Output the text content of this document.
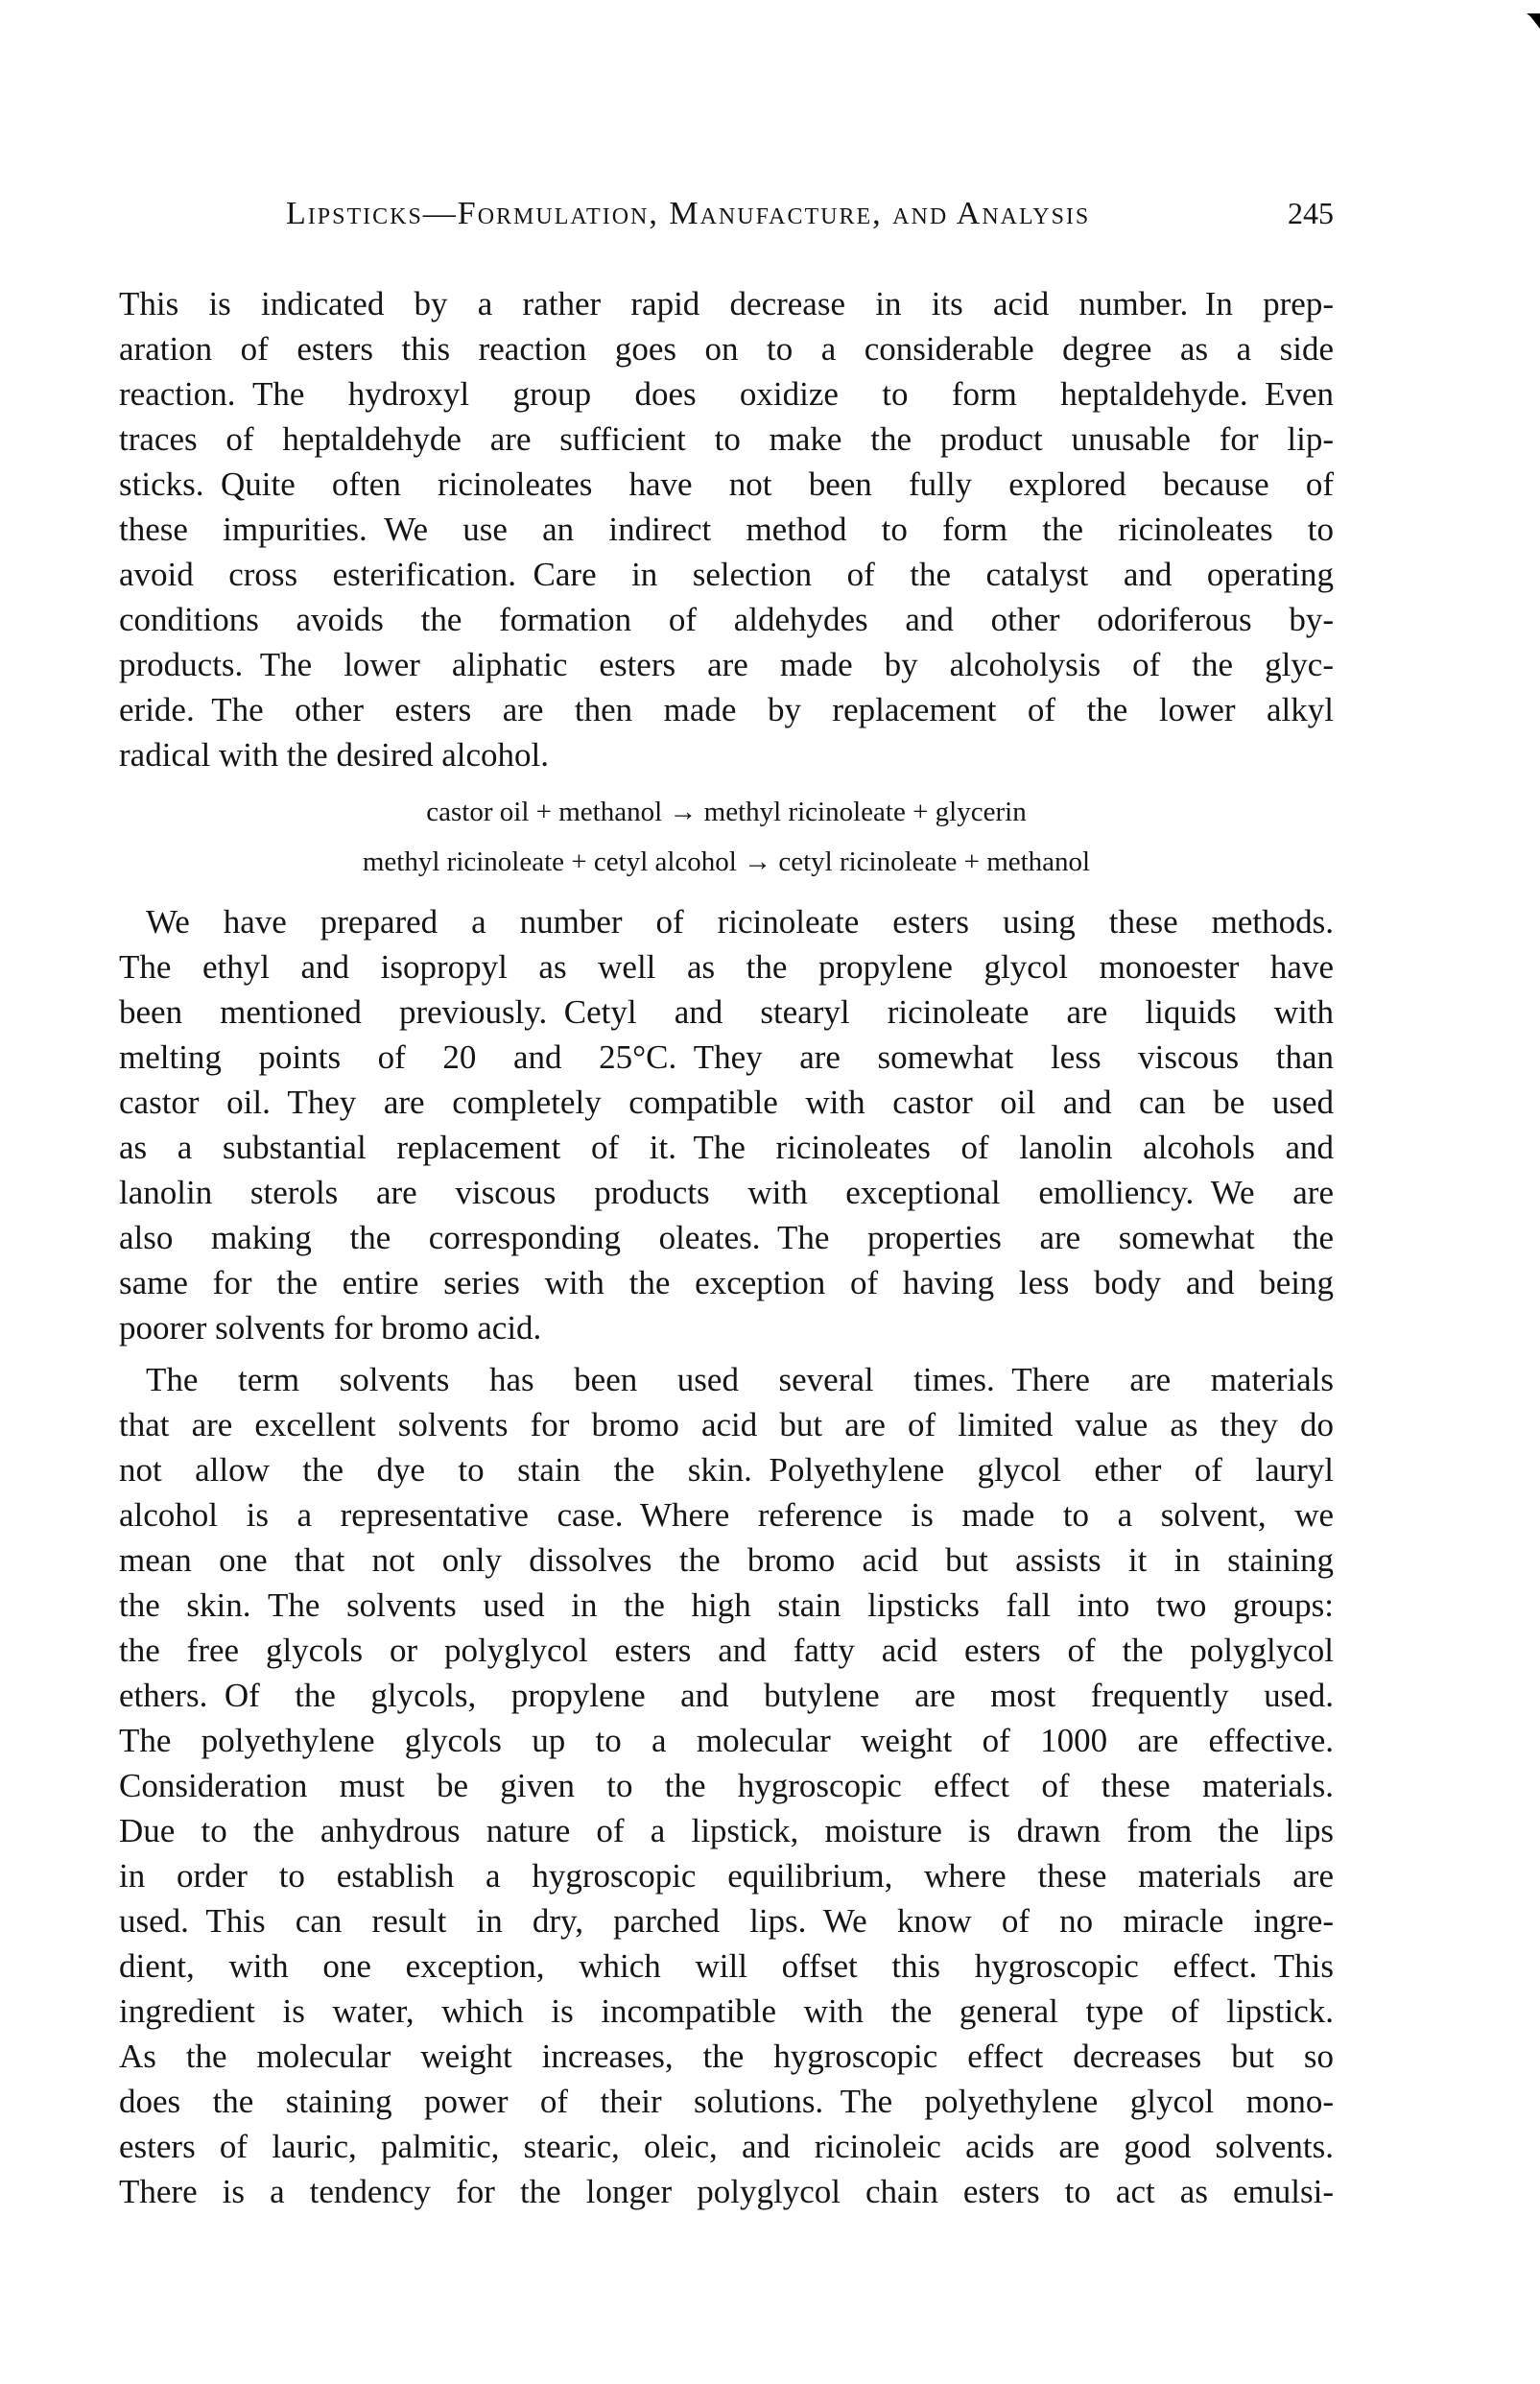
Lipsticks—Formulation, Manufacture, and Analysis	245
This is indicated by a rather rapid decrease in its acid number. In prep-
aration of esters this reaction goes on to a considerable degree as a side
reaction. The hydroxyl group does oxidize to form heptaldehyde. Even
traces of heptaldehyde are sufficient to make the product unusable for lip-
sticks. Quite often ricinoleates have not been fully explored because of
these impurities. We use an indirect method to form the ricinoleates to
avoid cross esterification. Care in selection of the catalyst and operating
conditions avoids the formation of aldehydes and other odoriferous by-
products. The lower aliphatic esters are made by alcoholysis of the glyc-
eride. The other esters are then made by replacement of the lower alkyl
radical with the desired alcohol.
castor oil + methanol → methyl ricinoleate + glycerin
methyl ricinoleate + cetyl alcohol → cetyl ricinoleate + methanol
We have prepared a number of ricinoleate esters using these methods.
The ethyl and isopropyl as well as the propylene glycol monoester have
been mentioned previously. Cetyl and stearyl ricinoleate are liquids with
melting points of 20 and 25°C. They are somewhat less viscous than
castor oil. They are completely compatible with castor oil and can be used
as a substantial replacement of it. The ricinoleates of lanolin alcohols and
lanolin sterols are viscous products with exceptional emolliency. We are
also making the corresponding oleates. The properties are somewhat the
same for the entire series with the exception of having less body and being
poorer solvents for bromo acid.
The term solvents has been used several times. There are materials
that are excellent solvents for bromo acid but are of limited value as they do
not allow the dye to stain the skin. Polyethylene glycol ether of lauryl
alcohol is a representative case. Where reference is made to a solvent, we
mean one that not only dissolves the bromo acid but assists it in staining
the skin. The solvents used in the high stain lipsticks fall into two groups:
the free glycols or polyglycol esters and fatty acid esters of the polyglycol
ethers. Of the glycols, propylene and butylene are most frequently used.
The polyethylene glycols up to a molecular weight of 1000 are effective.
Consideration must be given to the hygroscopic effect of these materials.
Due to the anhydrous nature of a lipstick, moisture is drawn from the lips
in order to establish a hygroscopic equilibrium, where these materials are
used. This can result in dry, parched lips. We know of no miracle ingre-
dient, with one exception, which will offset this hygroscopic effect. This
ingredient is water, which is incompatible with the general type of lipstick.
As the molecular weight increases, the hygroscopic effect decreases but so
does the staining power of their solutions. The polyethylene glycol mono-
esters of lauric, palmitic, stearic, oleic, and ricinoleic acids are good solvents.
There is a tendency for the longer polyglycol chain esters to act as emulsi-
